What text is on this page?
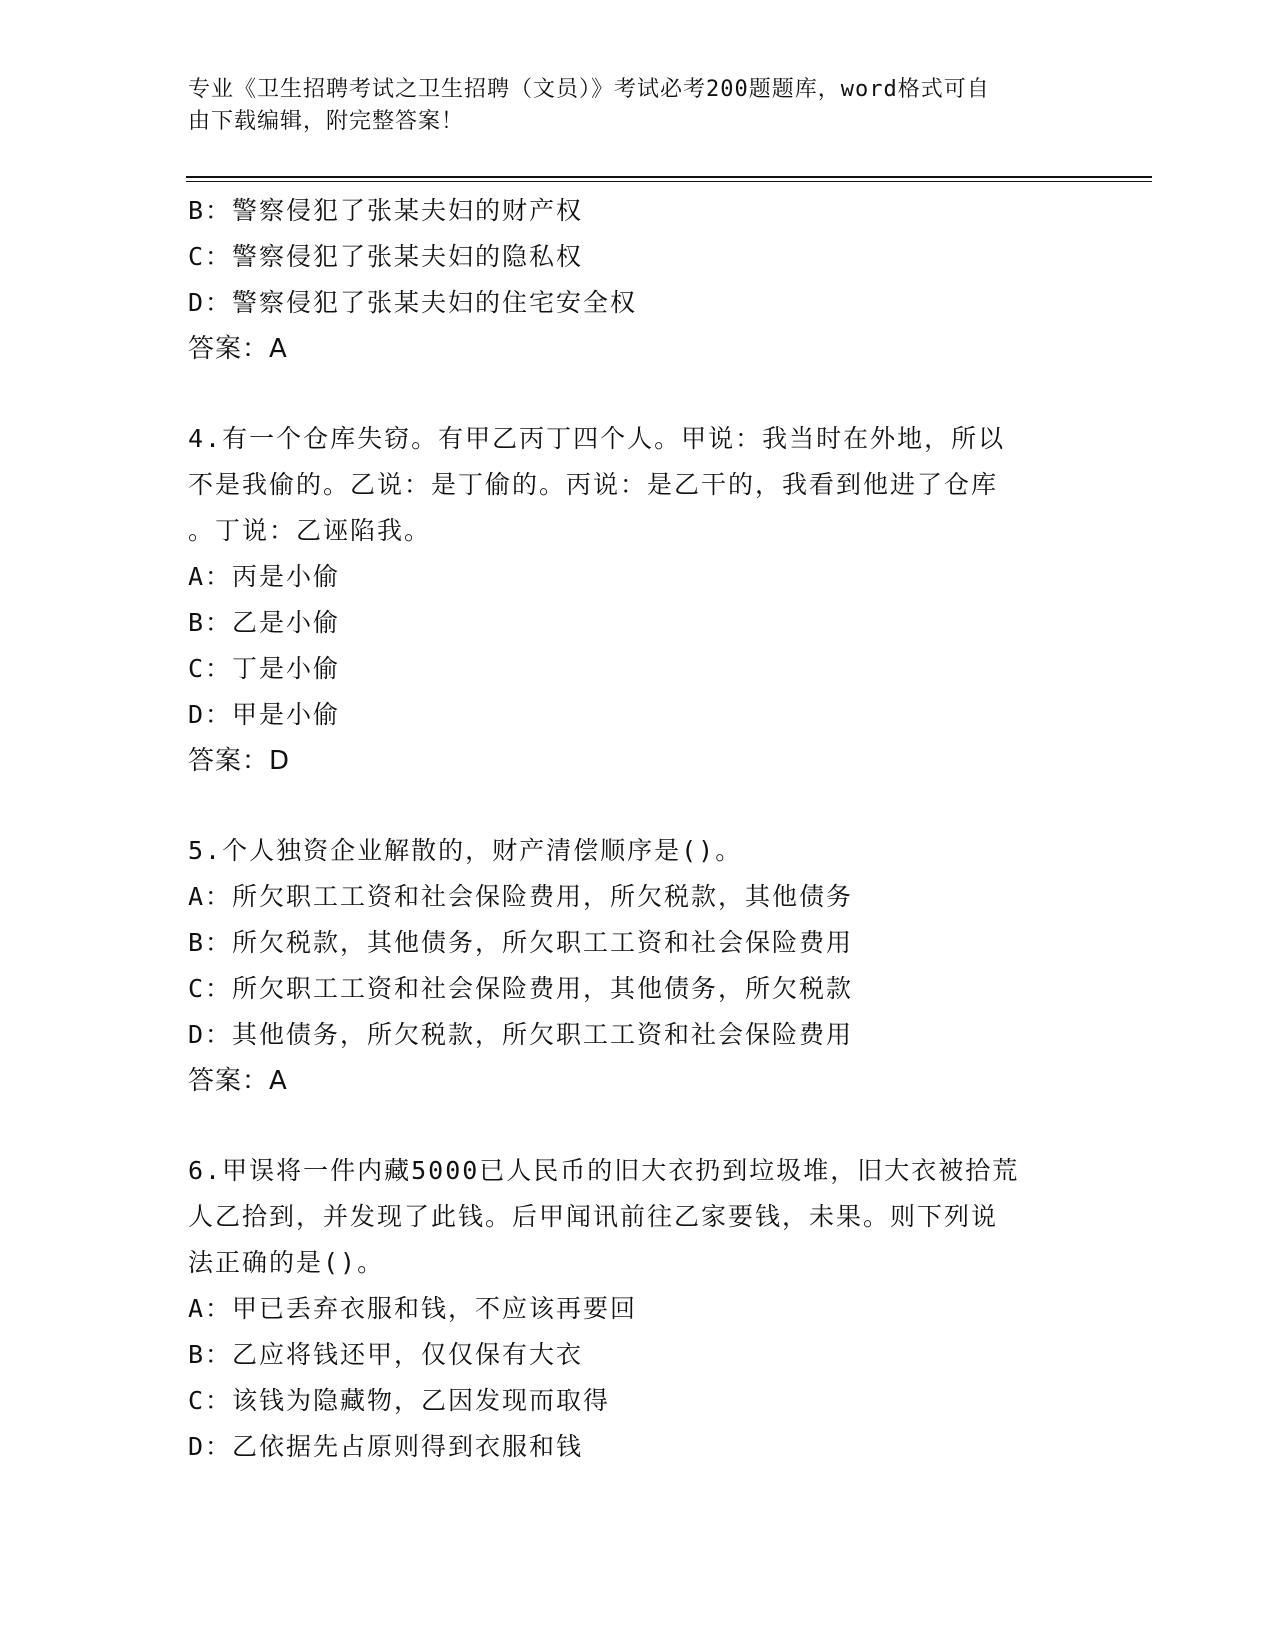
专业《卫生招聘考试之卫生招聘（文员）》考试必考200题题库，word格式可自
由下载编辑，附完整答案！
B：警察侵犯了张某夫妇的财产权
C：警察侵犯了张某夫妇的隐私权
D：警察侵犯了张某夫妇的住宅安全权
答案：A
4.有一个仓库失窃。有甲乙丙丁四个人。甲说：我当时在外地，所以
不是我偷的。乙说：是丁偷的。丙说：是乙干的，我看到他进了仓库
。丁说：乙诬陷我。
A：丙是小偷
B：乙是小偷
C：丁是小偷
D：甲是小偷
答案：D
5.个人独资企业解散的，财产清偿顺序是()。
A：所欠职工工资和社会保险费用，所欠税款，其他债务
B：所欠税款，其他债务，所欠职工工资和社会保险费用
C：所欠职工工资和社会保险费用，其他债务，所欠税款
D：其他债务，所欠税款，所欠职工工资和社会保险费用
答案：A
6.甲误将一件内藏5000已人民币的旧大衣扔到垃圾堆，旧大衣被拾荒
人乙拾到，并发现了此钱。后甲闻讯前往乙家要钱，未果。则下列说
法正确的是()。
A：甲已丢弃衣服和钱，不应该再要回
B：乙应将钱还甲，仅仅保有大衣
C：该钱为隐藏物，乙因发现而取得
D：乙依据先占原则得到衣服和钱
